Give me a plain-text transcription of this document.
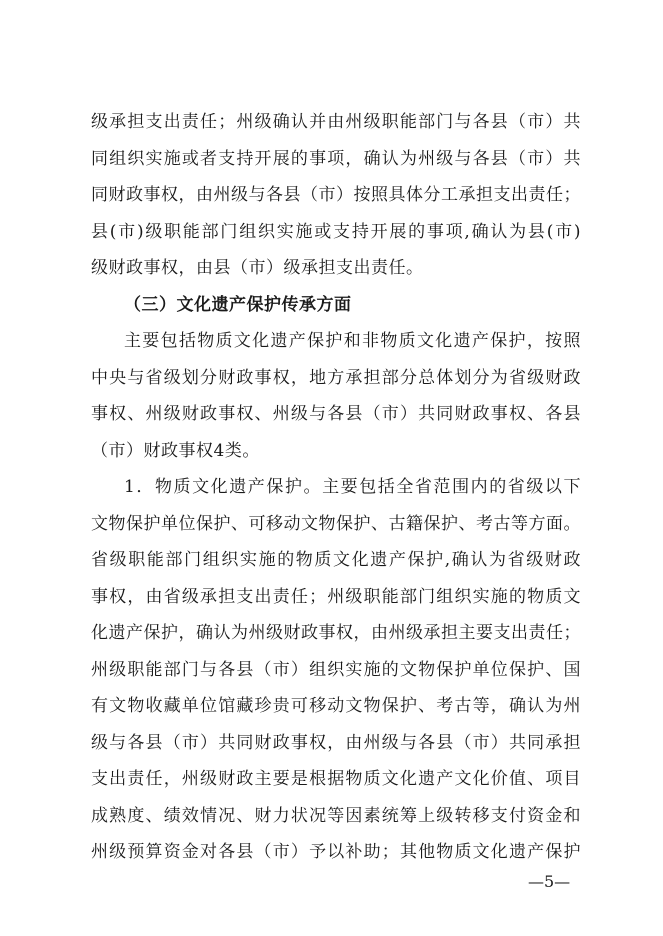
级承担支出责任；州级确认并由州级职能部门与各县（市）共
同组织实施或者支持开展的事项，确认为州级与各县（市）共
同财政事权，由州级与各县（市）按照具体分工承担支出责任；
县(市)级职能部门组织实施或支持开展的事项,确认为县(市)
级财政事权，由县（市）级承担支出责任。
（三）文化遗产保护传承方面
主要包括物质文化遗产保护和非物质文化遗产保护，按照
中央与省级划分财政事权，地方承担部分总体划分为省级财政
事权、州级财政事权、州级与各县（市）共同财政事权、各县
（市）财政事权4类。
1．物质文化遗产保护。主要包括全省范围内的省级以下
文物保护单位保护、可移动文物保护、古籍保护、考古等方面。
省级职能部门组织实施的物质文化遗产保护,确认为省级财政
事权，由省级承担支出责任；州级职能部门组织实施的物质文
化遗产保护，确认为州级财政事权，由州级承担主要支出责任；
州级职能部门与各县（市）组织实施的文物保护单位保护、国
有文物收藏单位馆藏珍贵可移动文物保护、考古等，确认为州
级与各县（市）共同财政事权，由州级与各县（市）共同承担
支出责任，州级财政主要是根据物质文化遗产文化价值、项目
成熟度、绩效情况、财力状况等因素统筹上级转移支付资金和
州级预算资金对各县（市）予以补助；其他物质文化遗产保护
—5—
